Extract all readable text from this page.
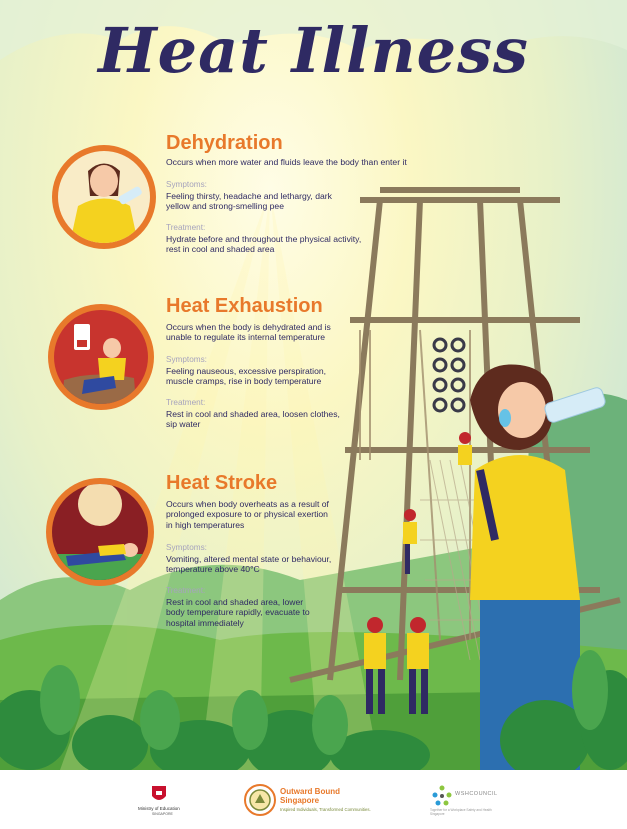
Heat Illness
Dehydration
Occurs when more water and fluids leave the body than enter it
Symptoms:
Feeling thirsty, headache and lethargy, dark
yellow and strong-smelling pee
Treatment:
Hydrate before and throughout the physical activity,
rest in cool and shaded area
Heat Exhaustion
Occurs when the body is dehydrated and is
unable to regulate its internal temperature
Symptoms:
Feeling nauseous, excessive perspiration,
muscle cramps, rise in body temperature
Treatment:
Rest in cool and shaded area, loosen clothes,
sip water
Heat Stroke
Occurs when body overheats as a result of
prolonged exposure to or physical exertion
in high temperatures
Symptoms:
Vomiting, altered mental state or behaviour,
temperature above 40°C
Treatment:
Rest in cool and shaded area, lower
body temperature rapidly, evacuate to
hospital immediately
Ministry of Education
SINGAPORE
Outward Bound
Singapore
Inspired Individuals, Transformed Communities.
WSHCOUNCIL
Together for a Workplace Safety and Health Singapore
